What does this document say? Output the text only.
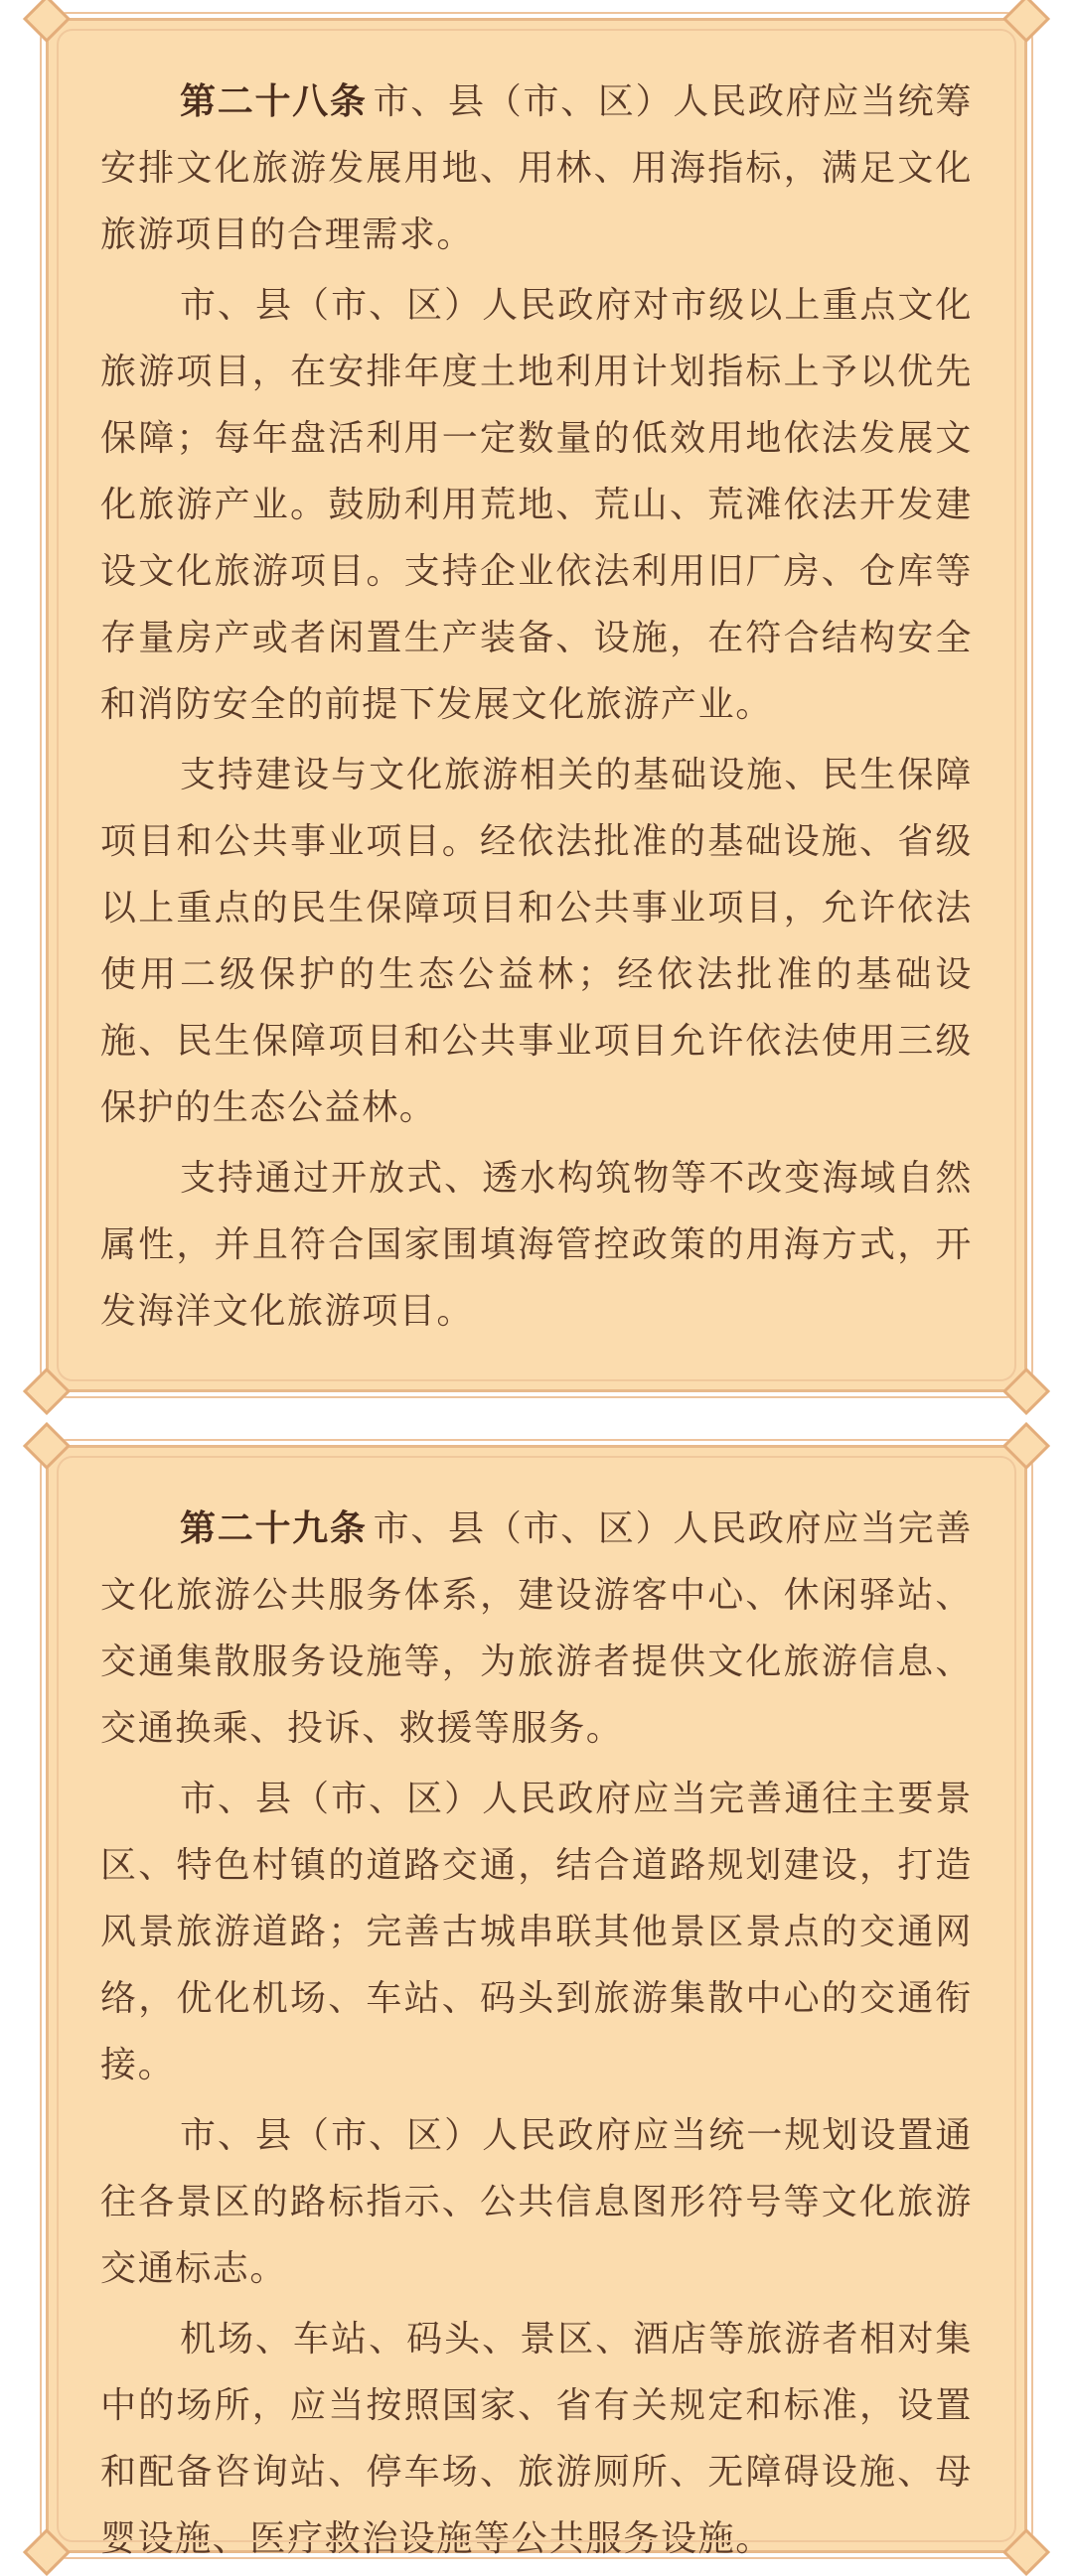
第二十八条 市、县（市、区）人民政府应当统筹安排文化旅游发展用地、用林、用海指标，满足文化旅游项目的合理需求。

市、县（市、区）人民政府对市级以上重点文化旅游项目，在安排年度土地利用计划指标上予以优先保障；每年盘活利用一定数量的低效用地依法发展文化旅游产业。鼓励利用荒地、荒山、荒滩依法开发建设文化旅游项目。支持企业依法利用旧厂房、仓库等存量房产或者闲置生产装备、设施，在符合结构安全和消防安全的前提下发展文化旅游产业。

支持建设与文化旅游相关的基础设施、民生保障项目和公共事业项目。经依法批准的基础设施、省级以上重点的民生保障项目和公共事业项目，允许依法使用二级保护的生态公益林；经依法批准的基础设施、民生保障项目和公共事业项目允许依法使用三级保护的生态公益林。

支持通过开放式、透水构筑物等不改变海域自然属性，并且符合国家围填海管控政策的用海方式，开发海洋文化旅游项目。

第二十九条 市、县（市、区）人民政府应当完善文化旅游公共服务体系，建设游客中心、休闲驿站、交通集散服务设施等，为旅游者提供文化旅游信息、交通换乘、投诉、救援等服务。

市、县（市、区）人民政府应当完善通往主要景区、特色村镇的道路交通，结合道路规划建设，打造风景旅游道路；完善古城串联其他景区景点的交通网络，优化机场、车站、码头到旅游集散中心的交通衔接。

市、县（市、区）人民政府应当统一规划设置通往各景区的路标指示、公共信息图形符号等文化旅游交通标志。

机场、车站、码头、景区、酒店等旅游者相对集中的场所，应当按照国家、省有关规定和标准，设置和配备咨询站、停车场、旅游厕所、无障碍设施、母婴设施、医疗救治设施等公共服务设施。
